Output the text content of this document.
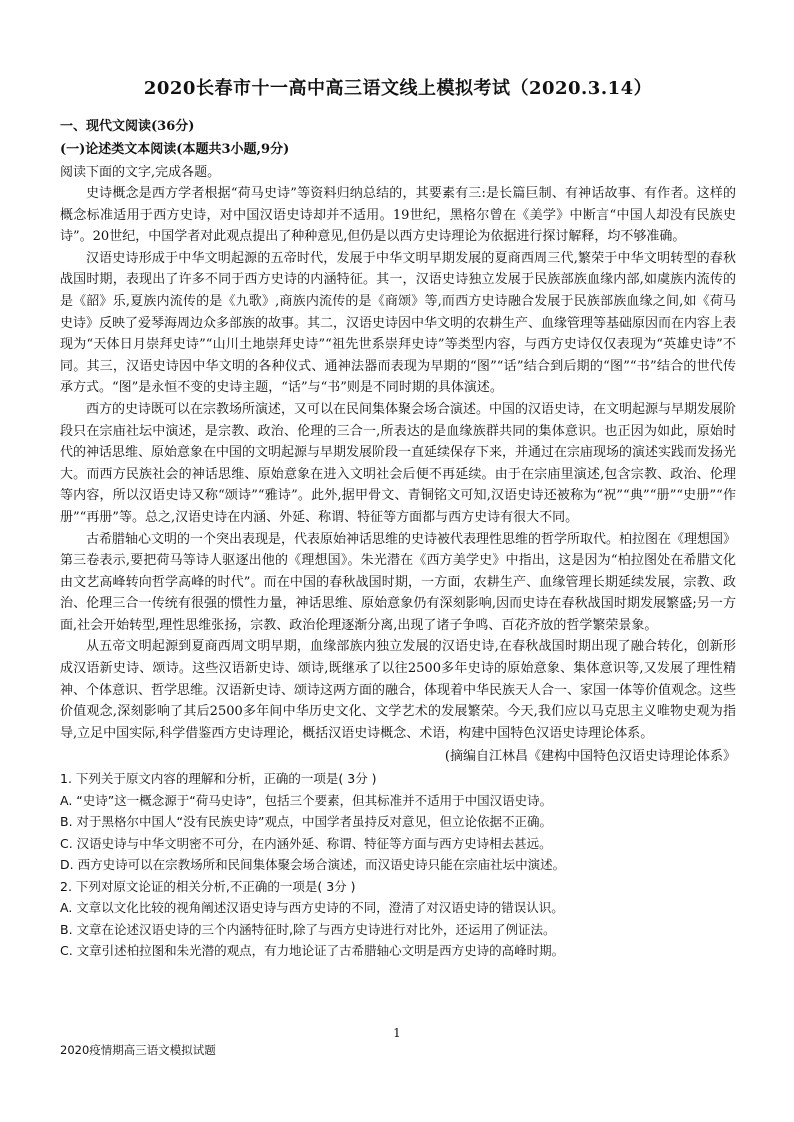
2020长春市十一高中高三语文线上模拟考试（2020.3.14）
一、现代文阅读(36分)
(一)论述类文本阅读(本题共3小题,9分)
阅读下面的文字,完成各题。
史诗概念是西方学者根据“荷马史诗”等资料归纳总结的，其要素有三:是长篇巨制、有神话故事、有作者。这样的概念标准适用于西方史诗，对中国汉语史诗却并不适用。19世纪，黑格尔曾在《美学》中断言“中国人却没有民族史诗”。20世纪，中国学者对此观点提出了种种意见,但仍是以西方史诗理论为依据进行探讨解释，均不够准确。
汉语史诗形成于中华文明起源的五帝时代，发展于中华文明早期发展的夏商西周三代,繁荣于中华文明转型的春秋战国时期，表现出了许多不同于西方史诗的内涵特征。其一，汉语史诗独立发展于民族部族血缘内部,如虞族内流传的是《韶》乐,夏族内流传的是《九歌》,商族内流传的是《商颂》等,而西方史诗融合发展于民族部族血缘之间,如《荷马史诗》反映了爱琴海周边众多部族的故事。其二，汉语史诗因中华文明的农耕生产、血缘管理等基础原因而在内容上表现为“天体日月崇拜史诗”“山川土地崇拜史诗”“祖先世系崇拜史诗”等类型内容，与西方史诗仅仅表现为“英雄史诗”不同。其三，汉语史诗因中华文明的各种仪式、通神法器而表现为早期的“图”“话”结合到后期的“图”“书”结合的世代传承方式。“图”是永恒不变的史诗主题，“话”与“书”则是不同时期的具体演述。
西方的史诗既可以在宗教场所演述，又可以在民间集体聚会场合演述。中国的汉语史诗，在文明起源与早期发展阶段只在宗庙社坛中演述，是宗教、政治、伦理的三合一,所表达的是血缘族群共同的集体意识。也正因为如此，原始时代的神话思维、原始意象在中国的文明起源与早期发展阶段一直延续保存下来，并通过在宗庙现场的演述实践而发扬光大。而西方民族社会的神话思维、原始意象在进入文明社会后便不再延续。由于在宗庙里演述,包含宗教、政治、伦理等内容，所以汉语史诗又称“颂诗”“雅诗”。此外,据甲骨文、青铜铭文可知,汉语史诗还被称为“祝”“典”“册”“史册”“作册”“再册”等。总之,汉语史诗在内涵、外延、称谓、特征等方面都与西方史诗有很大不同。
古希腊轴心文明的一个突出表现是，代表原始神话思维的史诗被代表理性思维的哲学所取代。柏拉图在《理想国》第三卷表示,要把荷马等诗人驱逐出他的《理想国》。朱光潜在《西方美学史》中指出，这是因为“柏拉图处在希腊文化由文艺高峰转向哲学高峰的时代”。而在中国的春秋战国时期，一方面，农耕生产、血缘管理长期延续发展，宗教、政治、伦理三合一传统有很强的惯性力量，神话思维、原始意象仍有深刻影响,因而史诗在春秋战国时期发展繁盛;另一方面,社会开始转型,理性思维张扬，宗教、政治伦理逐渐分离,出现了诸子争鸣、百花齐放的哲学繁荣景象。
从五帝文明起源到夏商西周文明早期，血缘部族内独立发展的汉语史诗,在春秋战国时期出现了融合转化，创新形成汉语新史诗、颂诗。这些汉语新史诗、颂诗,既继承了以往2500多年史诗的原始意象、集体意识等,又发展了理性精神、个体意识、哲学思维。汉语新史诗、颂诗这两方面的融合，体现着中华民族天人合一、家国一体等价值观念。这些价值观念,深刻影响了其后2500多年间中华历史文化、文学艺术的发展繁荣。今天,我们应以马克思主义唯物史观为指导,立足中国实际,科学借鉴西方史诗理论，概括汉语史诗概念、术语，构建中国特色汉语史诗理论体系。
(摘编自江林昌《建构中国特色汉语史诗理论体系》
1. 下列关于原文内容的理解和分析，正确的一项是( 3分 )
A. “史诗”这一概念源于“荷马史诗”，包括三个要素，但其标准并不适用于中国汉语史诗。
B. 对于黑格尔中国人“没有民族史诗”观点，中国学者虽持反对意见，但立论依据不正确。
C. 汉语史诗与中华文明密不可分，在内涵外延、称谓、特征等方面与西方史诗相去甚远。
D. 西方史诗可以在宗教场所和民间集体聚会场合演述，而汉语史诗只能在宗庙社坛中演述。
2. 下列对原文论证的相关分析,不正确的一项是( 3分 )
A. 文章以文化比较的视角阐述汉语史诗与西方史诗的不同，澄清了对汉语史诗的错误认识。
B. 文章在论述汉语史诗的三个内涵特征时,除了与西方史诗进行对比外，还运用了例证法。
C. 文章引述柏拉图和朱光潜的观点，有力地论证了古希腊轴心文明是西方史诗的高峰时期。
1
2020疫情期高三语文模拟试题
